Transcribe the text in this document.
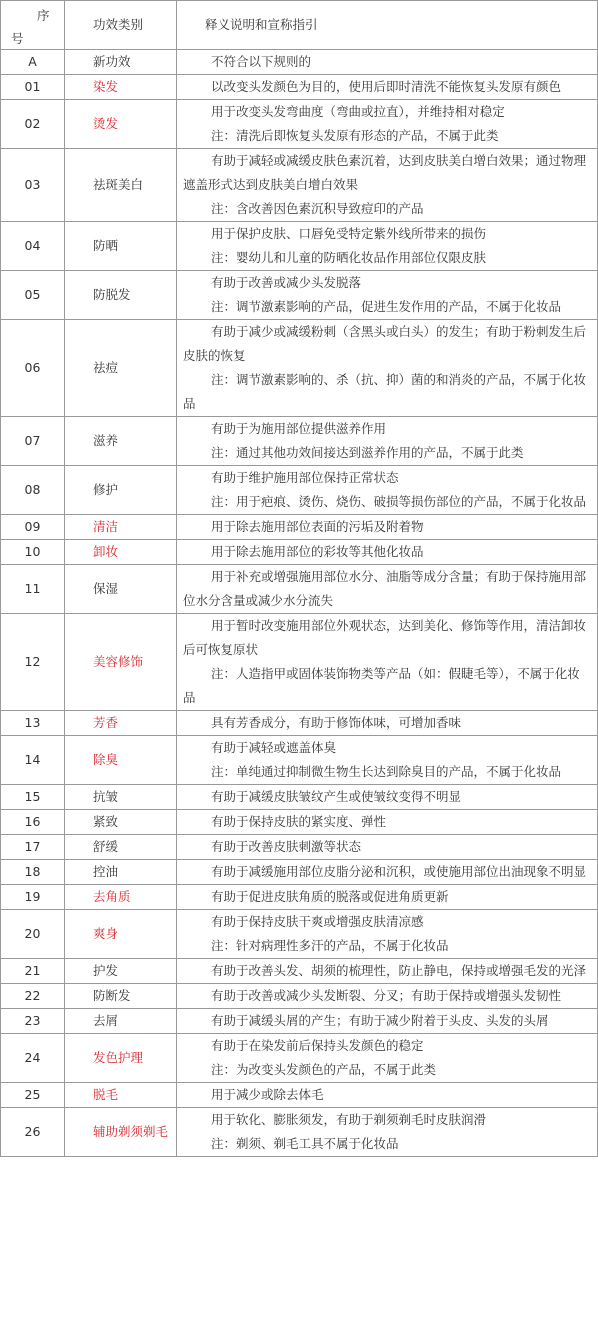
序
号	功效类别	释义说明和宣称指引

A	新功效	不符合以下规则的

01	染发	以改变头发颜色为目的，使用后即时清洗不能恢复头发原有颜色

02	烫发	用于改变头发弯曲度（弯曲或拉直），并维持相对稳定

注：清洗后即恢复头发原有形态的产品，不属于此类

03	祛斑美白	有助于减轻或减缓皮肤色素沉着，达到皮肤美白增白效果；通过物理遮盖形式达到皮肤美白增白效果

注：含改善因色素沉积导致痘印的产品

04	防晒	用于保护皮肤、口唇免受特定紫外线所带来的损伤

注：婴幼儿和儿童的防晒化妆品作用部位仅限皮肤

05	防脱发	有助于改善或减少头发脱落

注：调节激素影响的产品，促进生发作用的产品，不属于化妆品

06	祛痘	有助于减少或减缓粉刺（含黑头或白头）的发生；有助于粉刺发生后皮肤的恢复

注：调节激素影响的、杀（抗、抑）菌的和消炎的产品，不属于化妆品

07	滋养	有助于为施用部位提供滋养作用

注：通过其他功效间接达到滋养作用的产品，不属于此类

08	修护	有助于维护施用部位保持正常状态

注：用于疤痕、烫伤、烧伤、破损等损伤部位的产品，不属于化妆品

09	清洁	用于除去施用部位表面的污垢及附着物

10	卸妆	用于除去施用部位的彩妆等其他化妆品

11	保湿	用于补充或增强施用部位水分、油脂等成分含量；有助于保持施用部位水分含量或减少水分流失

12	美容修饰	用于暂时改变施用部位外观状态，达到美化、修饰等作用，清洁卸妆后可恢复原状

注：人造指甲或固体装饰物类等产品（如：假睫毛等），不属于化妆品

13	芳香	具有芳香成分，有助于修饰体味，可增加香味

14	除臭	有助于减轻或遮盖体臭

注：单纯通过抑制微生物生长达到除臭目的产品，不属于化妆品

15	抗皱	有助于减缓皮肤皱纹产生或使皱纹变得不明显

16	紧致	有助于保持皮肤的紧实度、弹性

17	舒缓	有助于改善皮肤刺激等状态

18	控油	有助于减缓施用部位皮脂分泌和沉积，或使施用部位出油现象不明显

19	去角质	有助于促进皮肤角质的脱落或促进角质更新

20	爽身	有助于保持皮肤干爽或增强皮肤清凉感

注：针对病理性多汗的产品，不属于化妆品

21	护发	有助于改善头发、胡须的梳理性，防止静电，保持或增强毛发的光泽

22	防断发	有助于改善或减少头发断裂、分叉；有助于保持或增强头发韧性

23	去屑	有助于减缓头屑的产生；有助于减少附着于头皮、头发的头屑

24	发色护理	有助于在染发前后保持头发颜色的稳定

注：为改变头发颜色的产品，不属于此类

25	脱毛	用于减少或除去体毛

26	辅助剃须剃毛	用于软化、膨胀须发，有助于剃须剃毛时皮肤润滑

注：剃须、剃毛工具不属于化妆品
